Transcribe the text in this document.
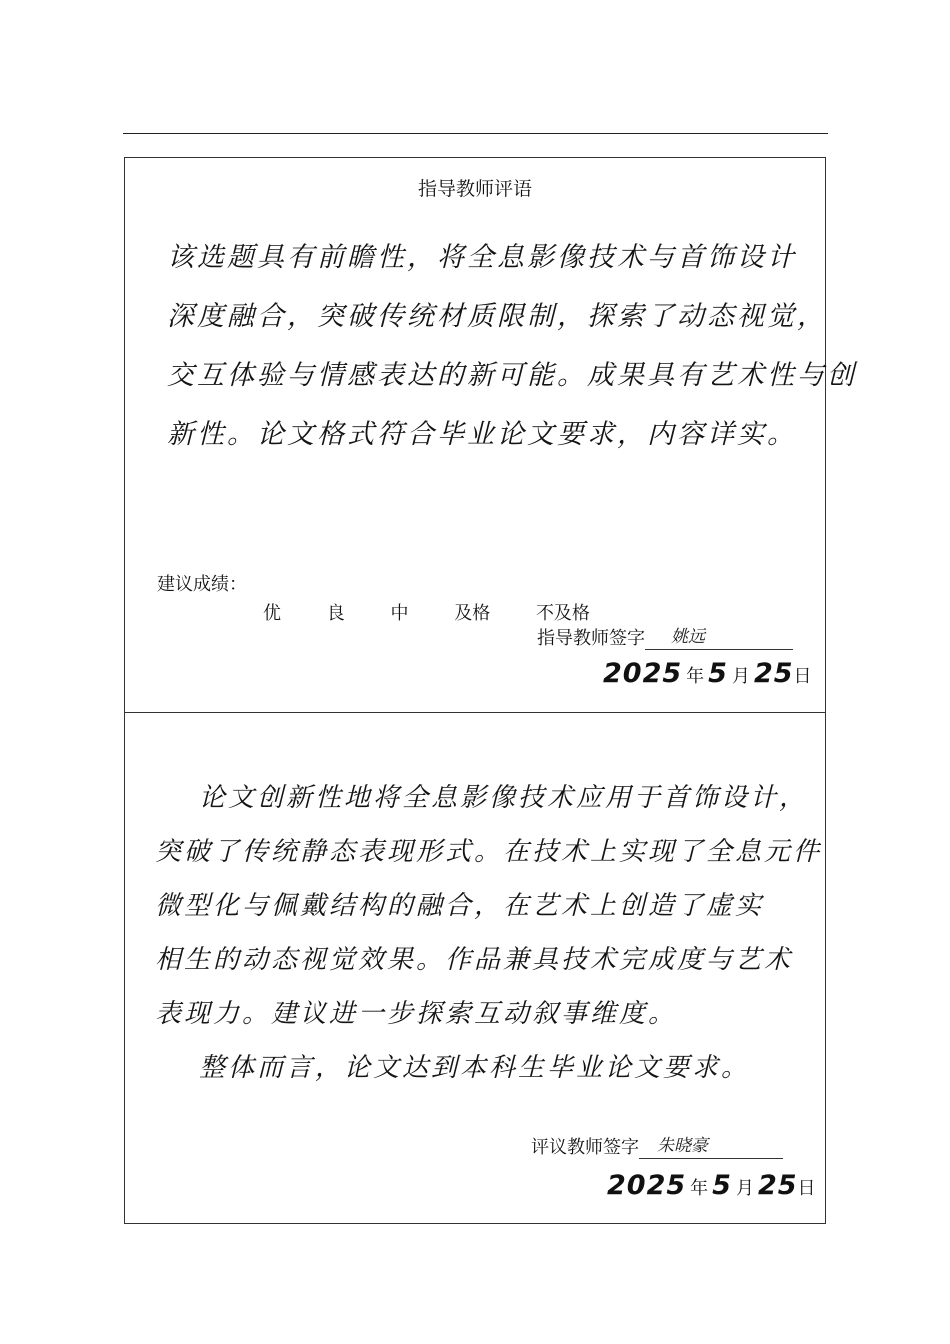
指导教师评语
该选题具有前瞻性，将全息影像技术与首饰设计
深度融合，突破传统材质限制，探索了动态视觉，
交互体验与情感表达的新可能。成果具有艺术性与创
新性。论文格式符合毕业论文要求，内容详实。
建议成绩：
优	良	中	及格	不及格
指导教师签字 姚远
2025 年 5 月 25日
论文创新性地将全息影像技术应用于首饰设计，
突破了传统静态表现形式。在技术上实现了全息元件
微型化与佩戴结构的融合，在艺术上创造了虚实
相生的动态视觉效果。作品兼具技术完成度与艺术
表现力。建议进一步探索互动叙事维度。
整体而言，论文达到本科生毕业论文要求。
评议教师签字 朱晓豪
2025 年 5 月 25日
